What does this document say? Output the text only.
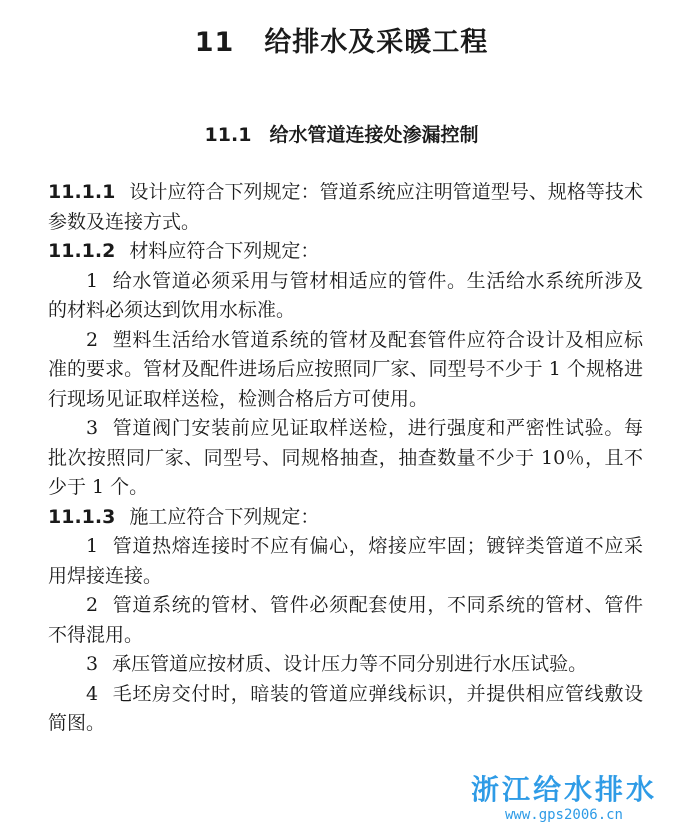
11 给排水及采暖工程
11.1 给水管道连接处渗漏控制

11.1.1 设计应符合下列规定：管道系统应注明管道型号、规格等技术参数及连接方式。

11.1.2 材料应符合下列规定：

1 给水管道必须采用与管材相适应的管件。生活给水系统所涉及的材料必须达到饮用水标准。

2 塑料生活给水管道系统的管材及配套管件应符合设计及相应标准的要求。管材及配件进场后应按照同厂家、同型号不少于 1 个规格进行现场见证取样送检，检测合格后方可使用。

3 管道阀门安装前应见证取样送检，进行强度和严密性试验。每批次按照同厂家、同型号、同规格抽查，抽查数量不少于 10％，且不少于 1 个。

11.1.3 施工应符合下列规定：

1 管道热熔连接时不应有偏心，熔接应牢固；镀锌类管道不应采用焊接连接。

2 管道系统的管材、管件必须配套使用，不同系统的管材、管件不得混用。

3 承压管道应按材质、设计压力等不同分别进行水压试验。

4 毛坯房交付时，暗装的管道应弹线标识，并提供相应管线敷设简图。

浙江给水排水
www.gps2006.cn
